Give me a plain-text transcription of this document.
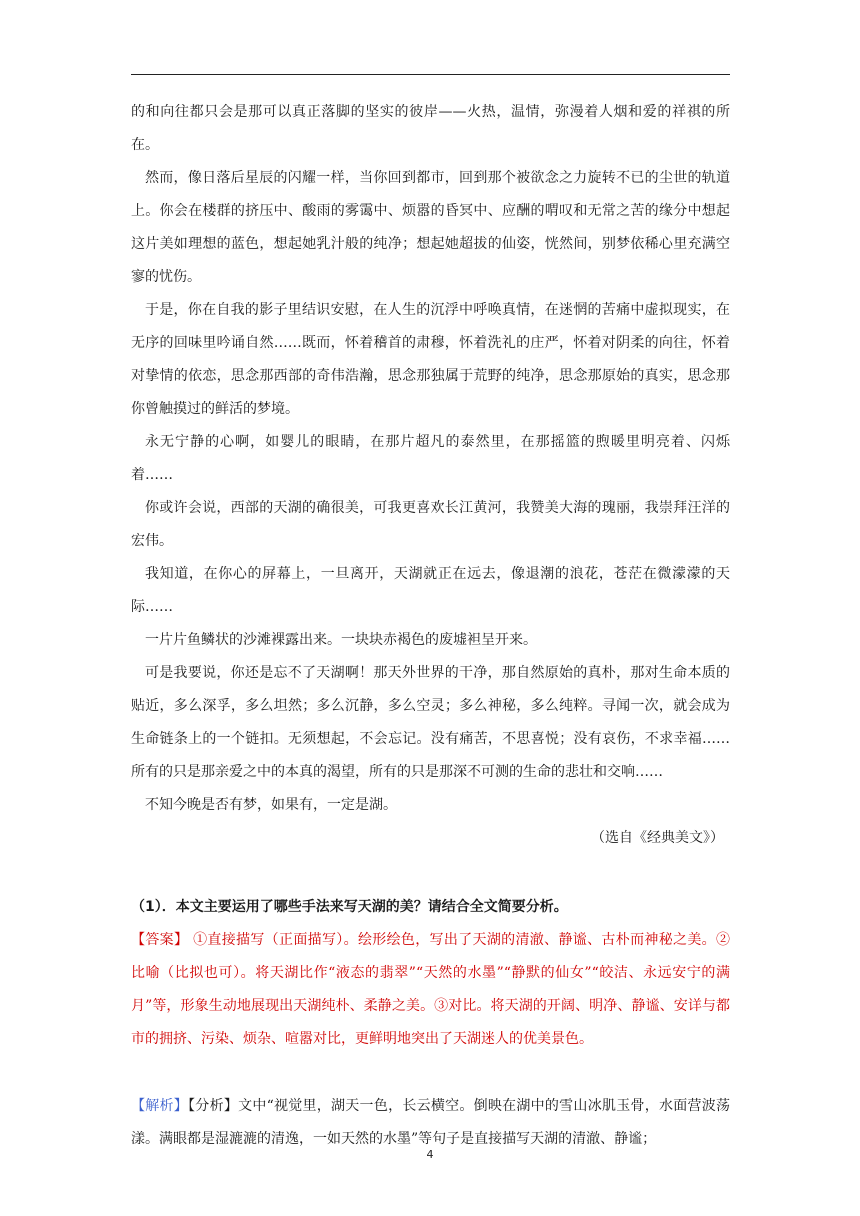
的和向往都只会是那可以真正落脚的坚实的彼岸——火热，温情，弥漫着人烟和爱的祥祺的所在。

然而，像日落后星辰的闪耀一样，当你回到都市，回到那个被欲念之力旋转不已的尘世的轨道上。你会在楼群的挤压中、酸雨的雾霭中、烦嚣的昏冥中、应酬的喟叹和无常之苦的缘分中想起这片美如理想的蓝色，想起她乳汁般的纯净；想起她超拔的仙姿，恍然间，别梦依稀心里充满空寥的忧伤。

于是，你在自我的影子里结识安慰，在人生的沉浮中呼唤真情，在迷惘的苦痛中虚拟现实，在无序的回味里吟诵自然……既而，怀着稽首的肃穆，怀着洗礼的庄严，怀着对阴柔的向往，怀着对挚情的依恋，思念那西部的奇伟浩瀚，思念那独属于荒野的纯净，思念那原始的真实，思念那你曾触摸过的鲜活的梦境。

永无宁静的心啊，如婴儿的眼睛，在那片超凡的泰然里，在那摇篮的煦暖里明亮着、闪烁着……

你或许会说，西部的天湖的确很美，可我更喜欢长江黄河，我赞美大海的瑰丽，我崇拜汪洋的宏伟。

我知道，在你心的屏幕上，一旦离开，天湖就正在远去，像退潮的浪花，苍茫在微濛濛的天际……

一片片鱼鳞状的沙滩裸露出来。一块块赤褐色的废墟袒呈开来。

可是我要说，你还是忘不了天湖啊！那天外世界的干净，那自然原始的真朴，那对生命本质的贴近，多么深孚，多么坦然；多么沉静，多么空灵；多么神秘，多么纯粹。寻闻一次，就会成为生命链条上的一个链扣。无须想起，不会忘记。没有痛苦，不思喜悦；没有哀伤，不求幸福……所有的只是那亲爱之中的本真的渴望，所有的只是那深不可测的生命的悲壮和交响……

不知今晚是否有梦，如果有，一定是湖。

（选自《经典美文》）

（1）．本文主要运用了哪些手法来写天湖的美？请结合全文简要分析。

【答案】 ①直接描写（正面描写）。绘形绘色，写出了天湖的清澈、静谧、古朴而神秘之美。②比喻（比拟也可）。将天湖比作“液态的翡翠”“天然的水墨”“静默的仙女”“皎洁、永远安宁的满月”等，形象生动地展现出天湖纯朴、柔静之美。③对比。将天湖的开阔、明净、静谧、安详与都市的拥挤、污染、烦杂、喧嚣对比，更鲜明地突出了天湖迷人的优美景色。

【解析】【分析】文中“视觉里，湖天一色，长云横空。倒映在湖中的雪山冰肌玉骨，水面营波荡漾。满眼都是湿漉漉的清逸，一如天然的水墨”等句子是直接描写天湖的清澈、静谧；

4
